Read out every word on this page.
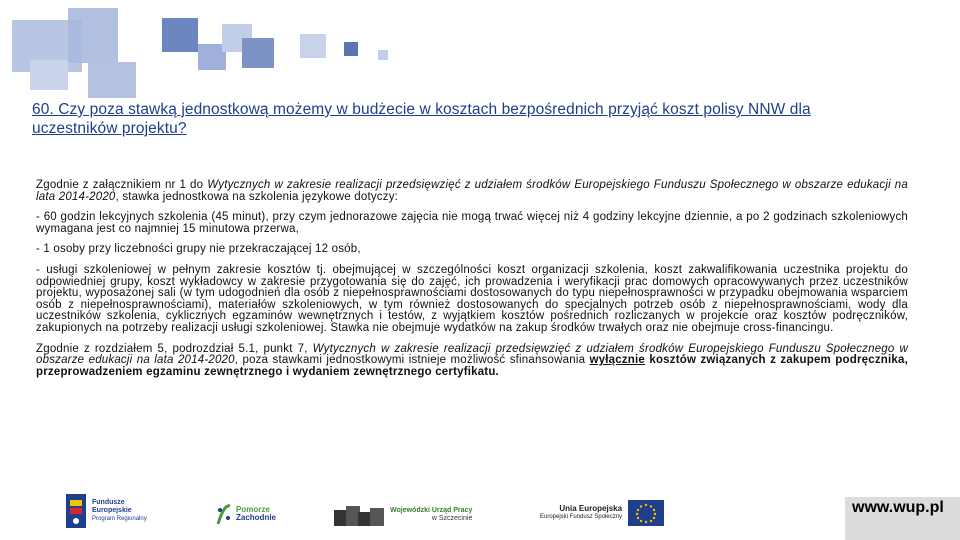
60. Czy poza stawką jednostkową możemy w budżecie w kosztach bezpośrednich przyjąć koszt polisy NNW dla uczestników projektu?

Zgodnie z załącznikiem nr 1 do Wytycznych w zakresie realizacji przedsięwzięć z udziałem środków Europejskiego Funduszu Społecznego w obszarze edukacji na lata 2014-2020, stawka jednostkowa na szkolenia językowe dotyczy:

- 60 godzin lekcyjnych szkolenia (45 minut), przy czym jednorazowe zajęcia nie mogą trwać więcej niż 4 godziny lekcyjne dziennie, a po 2 godzinach szkoleniowych wymagana jest co najmniej 15 minutowa przerwa,

- 1 osoby przy liczebności grupy nie przekraczającej 12 osób,

- usługi szkoleniowej w pełnym zakresie kosztów tj. obejmującej w szczególności koszt organizacji szkolenia, koszt zakwalifikowania uczestnika projektu do odpowiedniej grupy, koszt wykładowcy w zakresie przygotowania się do zajęć, ich prowadzenia i weryfikacji prac domowych opracowywanych przez uczestników projektu, wyposażonej sali (w tym udogodnień dla osób z niepełnosprawnościami dostosowanych do typu niepełnosprawności w przypadku obejmowania wsparciem osób z niepełnosprawnościami), materiałów szkoleniowych, w tym również dostosowanych do specjalnych potrzeb osób z niepełnosprawnościami, wody dla uczestników szkolenia, cyklicznych egzaminów wewnętrznych i testów, z wyjątkiem kosztów pośrednich rozliczanych w projekcie oraz kosztów podręczników, zakupionych na potrzeby realizacji usługi szkoleniowej. Stawka nie obejmuje wydatków na zakup środków trwałych oraz nie obejmuje cross-financingu.

Zgodnie z rozdziałem 5, podrozdział 5.1, punkt 7, Wytycznych w zakresie realizacji przedsięwzięć z udziałem środków Europejskiego Funduszu Społecznego w obszarze edukacji na lata 2014-2020, poza stawkami jednostkowymi istnieje możliwość sfinansowania wyłącznie kosztów związanych z zakupem podręcznika, przeprowadzeniem egzaminu zewnętrznego i wydaniem zewnętrznego certyfikatu.

Fundusze
Europejskie
Program Regionalny
Pomorze
Zachodnie
Wojewódzki Urząd Pracy
w Szczecinie
Unia Europejska
Europejski Fundusz Społeczny
www.wup.pl
